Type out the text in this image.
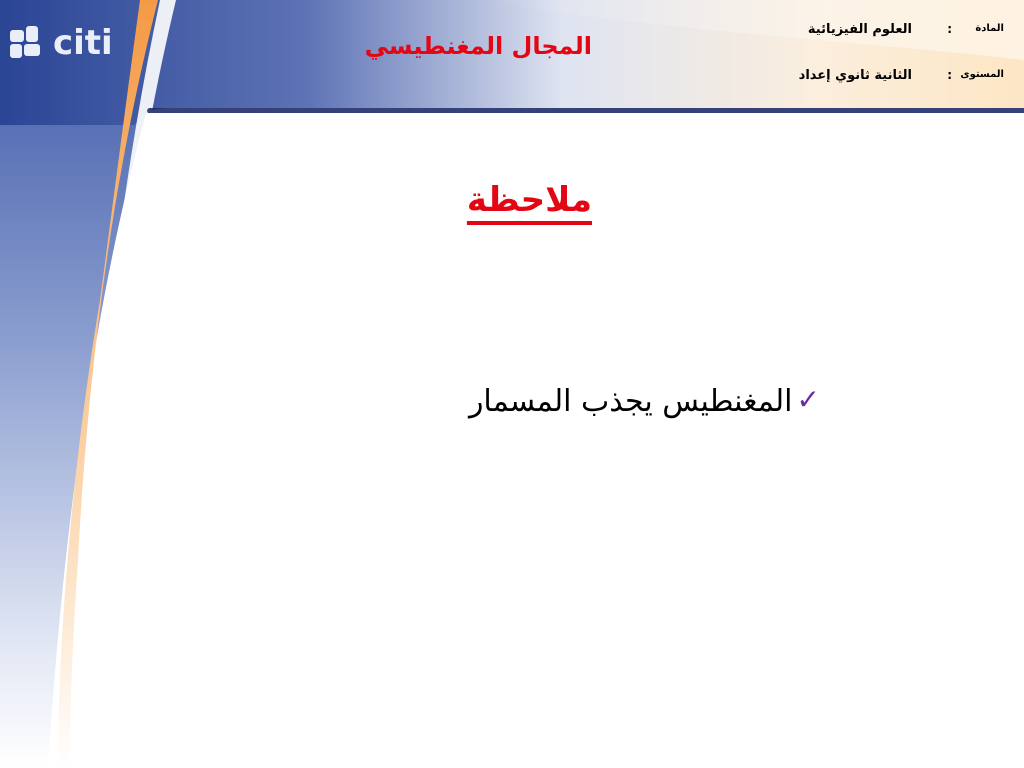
citi	المجال المغنطيسي
المادة
:
العلوم الفيزيائية
المستوى
:
الثانية ثانوي إعداد
ملاحظة
✓المغنطيس يجذب المسمار
